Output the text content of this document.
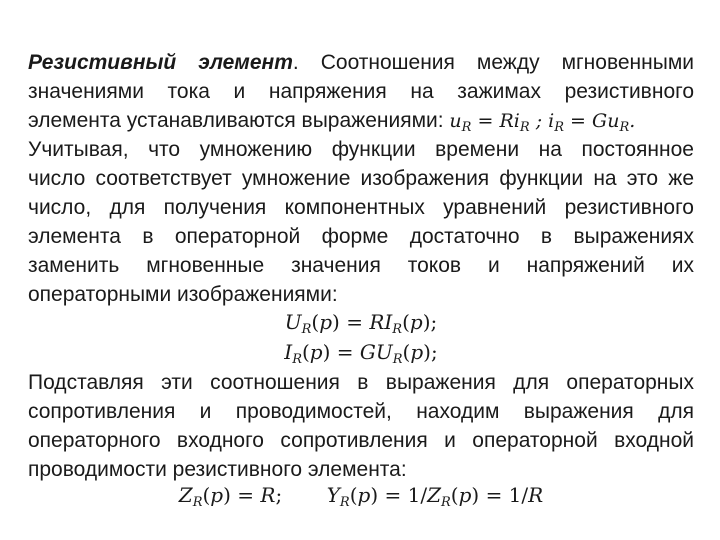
Резистивный элемент. Соотношения между мгновенными
значениями тока и напряжения на зажимах резистивного
элемента устанавливаются выражениями: $u_R = Ri_R$ ; $i_R = Gu_R$.
Учитывая, что умножению функции времени на постоянное
число соответствует умножение изображения функции на это же
число, для получения компонентных уравнений резистивного
элемента в операторной форме достаточно в выражениях
заменить мгновенные значения токов и напряжений их
операторными изображениями:
$U_R(p) = RI_R(p)$;
$I_R(p) = GU_R(p)$;
Подставляя эти соотношения в выражения для операторных
сопротивления и проводимостей, находим выражения для
операторного входного сопротивления и операторной входной
проводимости резистивного элемента:
$Z_R(p) = R$;       $Y_R(p) = 1/Z_R(p) = 1/R$
